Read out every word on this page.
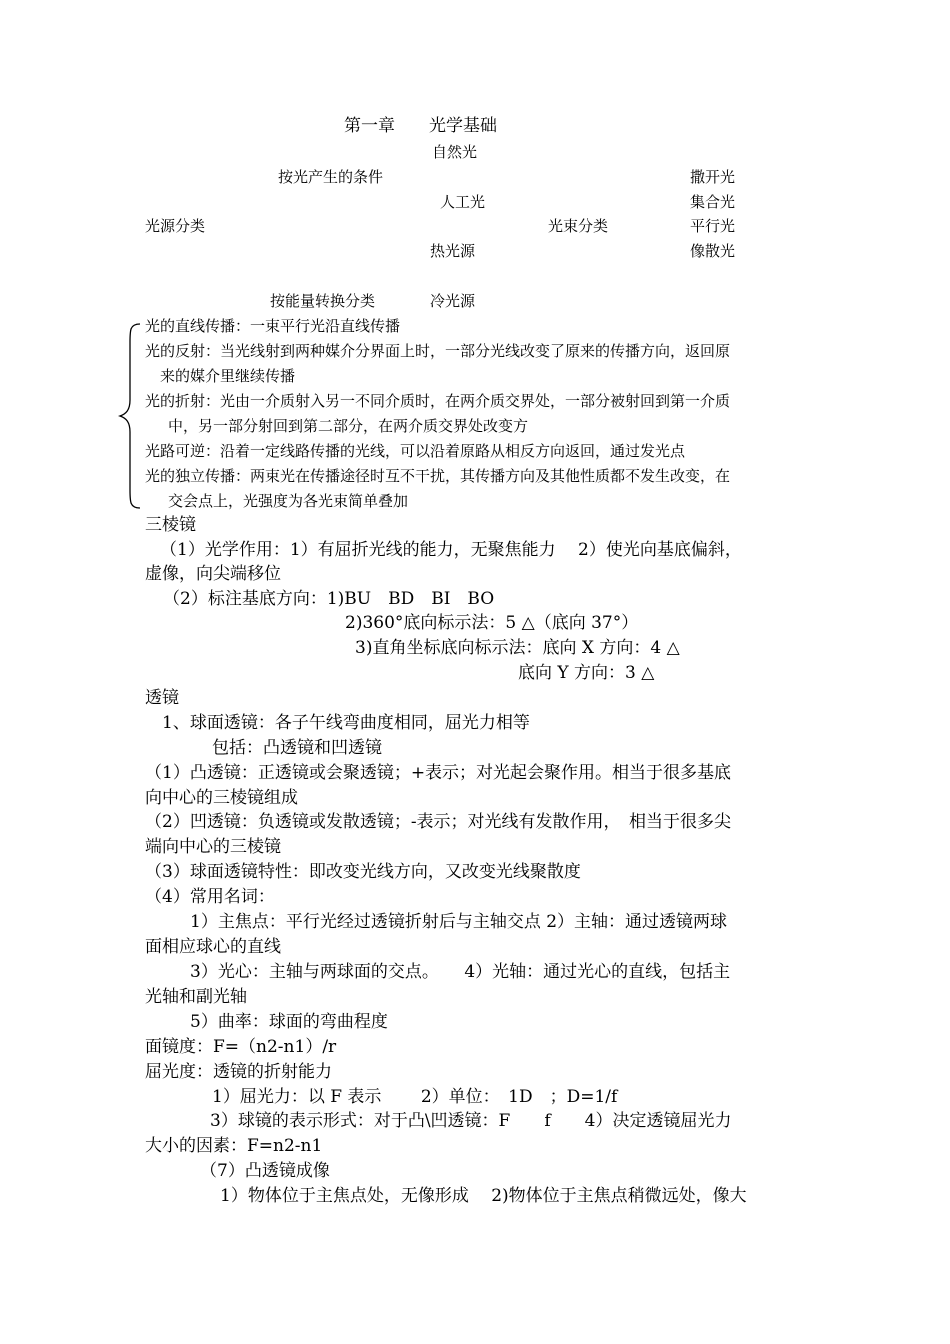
第一章　　光学基础
自然光
按光产生的条件	撒开光
人工光	集合光
光源分类	光束分类	平行光
热光源	像散光
按能量转换分类	冷光源
光的直线传播：一束平行光沿直线传播
光的反射：当光线射到两种媒介分界面上时，一部分光线改变了原来的传播方向，返回原
来的媒介里继续传播
光的折射：光由一介质射入另一不同介质时，在两介质交界处，一部分被射回到第一介质
中，另一部分射回到第二部分，在两介质交界处改变方
光路可逆：沿着一定线路传播的光线，可以沿着原路从相反方向返回，通过发光点
光的独立传播：两束光在传播途径时互不干扰，其传播方向及其他性质都不发生改变，在
交会点上，光强度为各光束简单叠加
三棱镜
（1）光学作用：1）有屈折光线的能力，无聚焦能力　 2）使光向基底偏斜，
虚像，向尖端移位
（2）标注基底方向：1)BU　BD　BI　BO
2)360°底向标示法：5 △（底向 37°）
3)直角坐标底向标示法：底向 X 方向：4 △
底向 Y 方向：3 △
透镜
1、球面透镜：各子午线弯曲度相同，屈光力相等
包括：凸透镜和凹透镜
（1）凸透镜：正透镜或会聚透镜；+表示；对光起会聚作用。相当于很多基底
向中心的三棱镜组成
（2）凹透镜：负透镜或发散透镜；-表示；对光线有发散作用，　相当于很多尖
端向中心的三棱镜
（3）球面透镜特性：即改变光线方向，又改变光线聚散度
（4）常用名词：
1）主焦点：平行光经过透镜折射后与主轴交点 2）主轴：通过透镜两球
面相应球心的直线
3）光心：主轴与两球面的交点。　　4）光轴：通过光心的直线，包括主
光轴和副光轴
5）曲率：球面的弯曲程度
面镜度：F=（n2-n1）/r
屈光度：透镜的折射能力
1）屈光力：以 F 表示　　 2）单位：　1D　；D=1/f
3）球镜的表示形式：对于凸\凹透镜：F　　f　　4）决定透镜屈光力
大小的因素：F=n2-n1
（7）凸透镜成像
1）物体位于主焦点处，无像形成　 2)物体位于主焦点稍微远处，像大
